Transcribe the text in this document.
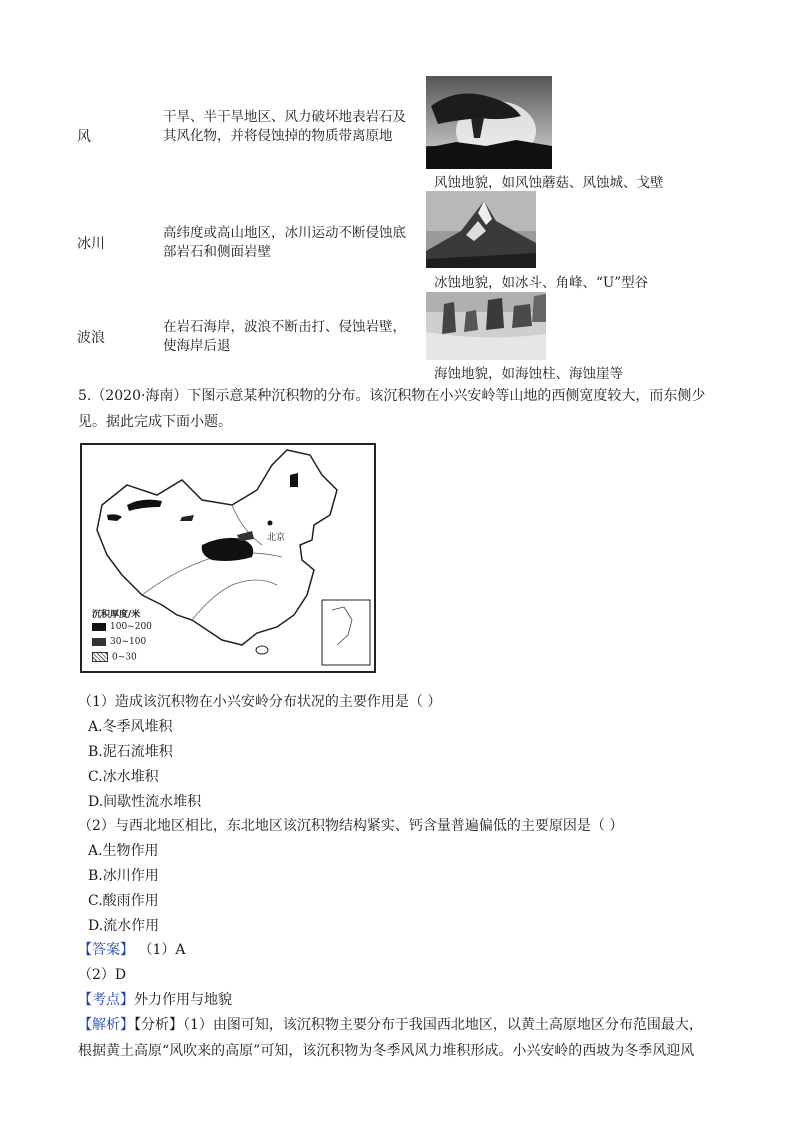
风
干旱、半干旱地区、风力破坏地表岩石及其风化物，并将侵蚀掉的物质带离原地
风蚀地貌，如风蚀蘑菇、风蚀城、戈壁
冰川
高纬度或高山地区，冰川运动不断侵蚀底部岩石和侧面岩壁
冰蚀地貌，如冰斗、角峰、“U”型谷
波浪
在岩石海岸，波浪不断击打、侵蚀岩壁，使海岸后退
海蚀地貌，如海蚀柱、海蚀崖等
5.（2020·海南）下图示意某种沉积物的分布。该沉积物在小兴安岭等山地的西侧宽度较大，而东侧少
见。据此完成下面小题。
北京
沉积厚度/米
100~200
30~100
0~30
（1）造成该沉积物在小兴安岭分布状况的主要作用是（ ）
A.冬季风堆积
B.泥石流堆积
C.冰水堆积
D.间歇性流水堆积
（2）与西北地区相比，东北地区该沉积物结构紧实、钙含量普遍偏低的主要原因是（ ）
A.生物作用
B.冰川作用
C.酸雨作用
D.流水作用
【答案】 （1）A
（2）D
【考点】外力作用与地貌
【解析】【分析】（1）由图可知，该沉积物主要分布于我国西北地区，以黄土高原地区分布范围最大，
根据黄土高原“风吹来的高原”可知，该沉积物为冬季风风力堆积形成。小兴安岭的西坡为冬季风迎风
